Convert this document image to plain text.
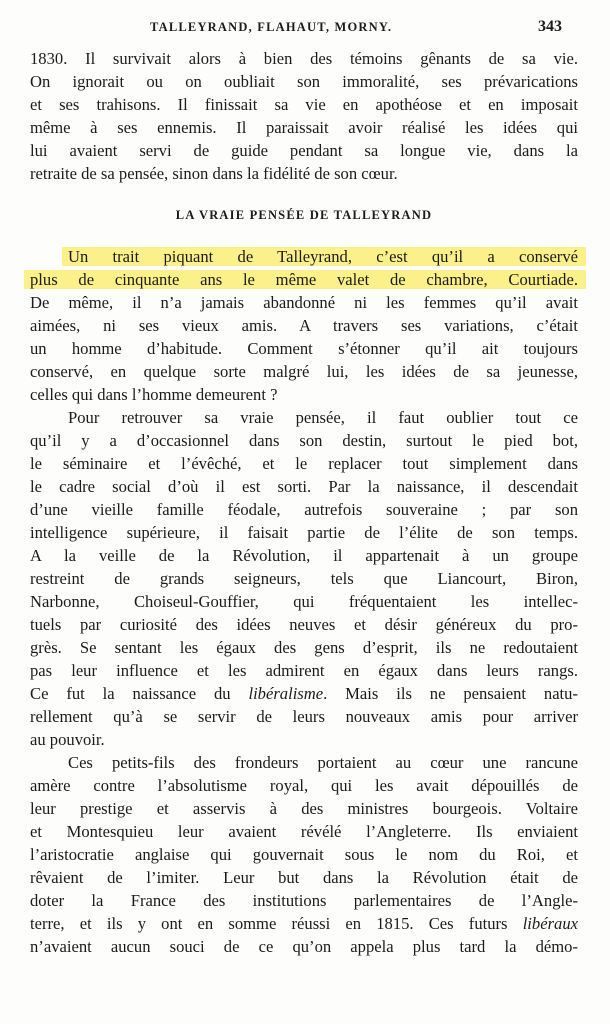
TALLEYRAND, FLAHAUT, MORNY.	343
1830. Il survivait alors à bien des témoins gênants de sa vie.
On ignorait ou on oubliait son immoralité, ses prévarications
et ses trahisons. Il finissait sa vie en apothéose et en imposait
même à ses ennemis. Il paraissait avoir réalisé les idées qui
lui avaient servi de guide pendant sa longue vie, dans la
retraite de sa pensée, sinon dans la fidélité de son cœur.
LA VRAIE PENSÉE DE TALLEYRAND
Un trait piquant de Talleyrand, c’est qu’il a conservé
plus de cinquante ans le même valet de chambre, Courtiade.
De même, il n’a jamais abandonné ni les femmes qu’il avait
aimées, ni ses vieux amis. A travers ses variations, c’était
un homme d’habitude. Comment s’étonner qu’il ait toujours
conservé, en quelque sorte malgré lui, les idées de sa jeunesse,
celles qui dans l’homme demeurent ?
Pour retrouver sa vraie pensée, il faut oublier tout ce
qu’il y a d’occasionnel dans son destin, surtout le pied bot,
le séminaire et l’évêché, et le replacer tout simplement dans
le cadre social d’où il est sorti. Par la naissance, il descendait
d’une vieille famille féodale, autrefois souveraine ; par son
intelligence supérieure, il faisait partie de l’élite de son temps.
A la veille de la Révolution, il appartenait à un groupe
restreint de grands seigneurs, tels que Liancourt, Biron,
Narbonne, Choiseul-Gouffier, qui fréquentaient les intellec-
tuels par curiosité des idées neuves et désir généreux du pro-
grès. Se sentant les égaux des gens d’esprit, ils ne redoutaient
pas leur influence et les admirent en égaux dans leurs rangs.
Ce fut la naissance du libéralisme. Mais ils ne pensaient natu-
rellement qu’à se servir de leurs nouveaux amis pour arriver
au pouvoir.
Ces petits-fils des frondeurs portaient au cœur une rancune
amère contre l’absolutisme royal, qui les avait dépouillés de
leur prestige et asservis à des ministres bourgeois. Voltaire
et Montesquieu leur avaient révélé l’Angleterre. Ils enviaient
l’aristocratie anglaise qui gouvernait sous le nom du Roi, et
rêvaient de l’imiter. Leur but dans la Révolution était de
doter la France des institutions parlementaires de l’Angle-
terre, et ils y ont en somme réussi en 1815. Ces futurs libéraux
n’avaient aucun souci de ce qu’on appela plus tard la démo-
